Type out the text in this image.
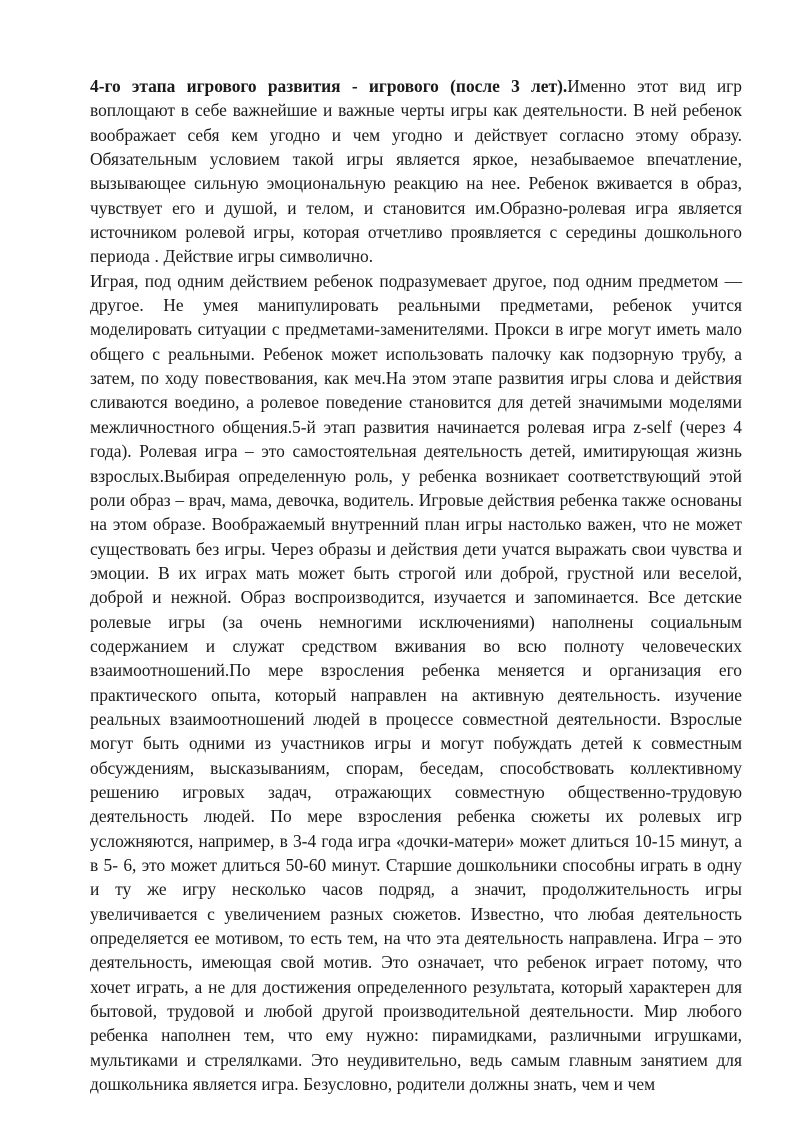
4-го этапа игрового развития - игрового (после 3 лет).Именно этот вид игр воплощают в себе важнейшие и важные черты игры как деятельности. В ней ребенок воображает себя кем угодно и чем угодно и действует согласно этому образу. Обязательным условием такой игры является яркое, незабываемое впечатление, вызывающее сильную эмоциональную реакцию на нее. Ребенок вживается в образ, чувствует его и душой, и телом, и становится им.Образно-ролевая игра является источником ролевой игры, которая отчетливо проявляется с середины дошкольного периода . Действие игры символично.

Играя, под одним действием ребенок подразумевает другое, под одним предметом — другое. Не умея манипулировать реальными предметами, ребенок учится моделировать ситуации с предметами-заменителями. Прокси в игре могут иметь мало общего с реальными. Ребенок может использовать палочку как подзорную трубу, а затем, по ходу повествования, как меч.На этом этапе развития игры слова и действия сливаются воедино, а ролевое поведение становится для детей значимыми моделями межличностного общения.5-й этап развития начинается ролевая игра z-self (через 4 года). Ролевая игра – это самостоятельная деятельность детей, имитирующая жизнь взрослых.Выбирая определенную роль, у ребенка возникает соответствующий этой роли образ – врач, мама, девочка, водитель. Игровые действия ребенка также основаны на этом образе. Воображаемый внутренний план игры настолько важен, что не может существовать без игры. Через образы и действия дети учатся выражать свои чувства и эмоции. В их играх мать может быть строгой или доброй, грустной или веселой, доброй и нежной. Образ воспроизводится, изучается и запоминается. Все детские ролевые игры (за очень немногими исключениями) наполнены социальным содержанием и служат средством вживания во всю полноту человеческих взаимоотношений.По мере взросления ребенка меняется и организация его практического опыта, который направлен на активную деятельность. изучение реальных взаимоотношений людей в процессе совместной деятельности. Взрослые могут быть одними из участников игры и могут побуждать детей к совместным обсуждениям, высказываниям, спорам, беседам, способствовать коллективному решению игровых задач, отражающих совместную общественно-трудовую деятельность людей. По мере взросления ребенка сюжеты их ролевых игр усложняются, например, в 3-4 года игра «дочки-матери» может длиться 10-15 минут, а в 5- 6, это может длиться 50-60 минут. Старшие дошкольники способны играть в одну и ту же игру несколько часов подряд, а значит, продолжительность игры увеличивается с увеличением разных сюжетов. Известно, что любая деятельность определяется ее мотивом, то есть тем, на что эта деятельность направлена. Игра – это деятельность, имеющая свой мотив. Это означает, что ребенок играет потому, что хочет играть, а не для достижения определенного результата, который характерен для бытовой, трудовой и любой другой производительной деятельности. Мир любого ребенка наполнен тем, что ему нужно: пирамидками, различными игрушками, мультиками и стрелялками. Это неудивительно, ведь самым главным занятием для дошкольника является игра. Безусловно, родители должны знать, чем и чем
